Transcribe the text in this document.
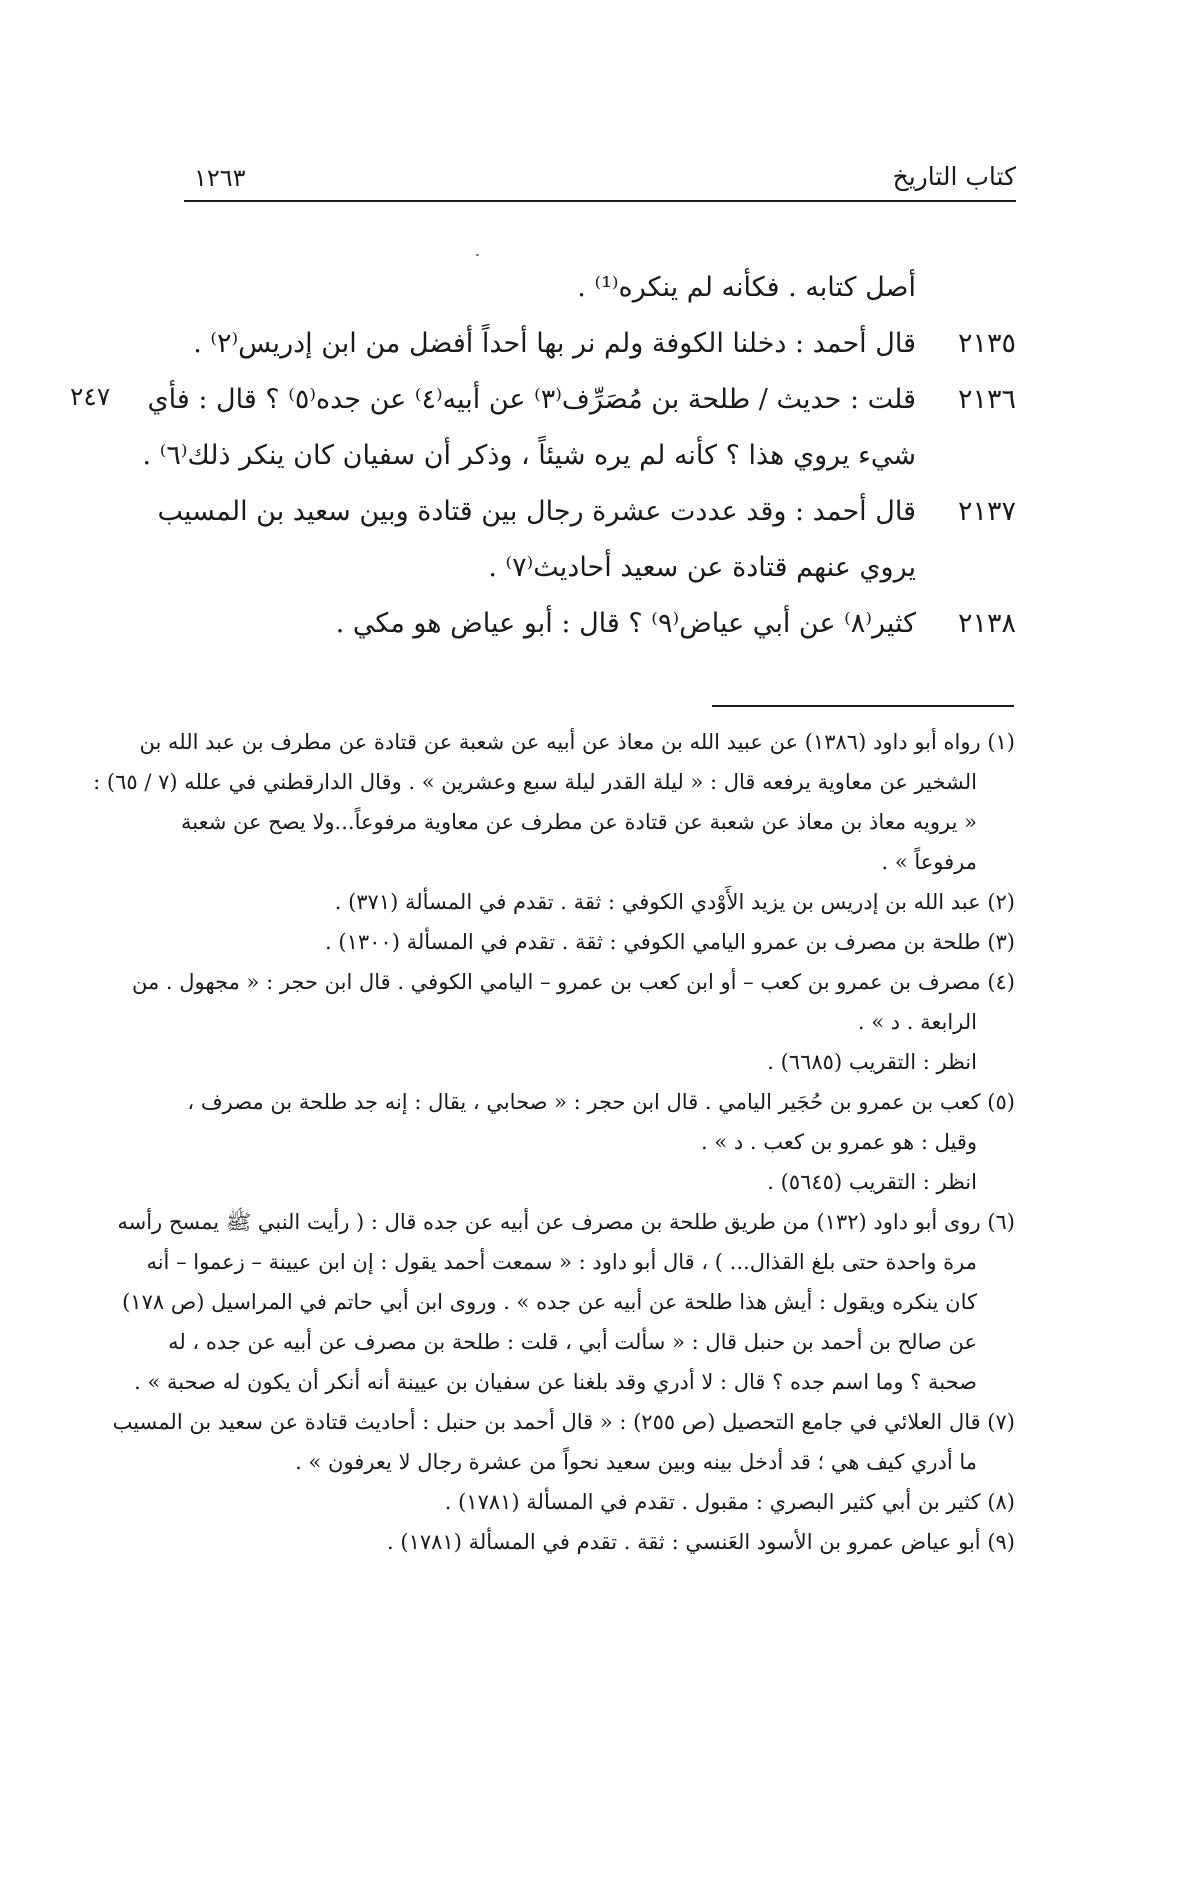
كتاب التاريخ
١٢٦٣
٢٤٧
أصل كتابه . فكأنه لم ينكره⁽¹⁾ .
٢١٣٥
قال أحمد : دخلنا الكوفة ولم نر بها أحداً أفضل من ابن إدريس⁽٢⁾ .
٢١٣٦
قلت : حديث / طلحة بن مُصَرِّف⁽٣⁾ عن أبيه⁽٤⁾ عن جده⁽٥⁾ ؟ قال : فأي
شيء يروي هذا ؟ كأنه لم يره شيئاً ، وذكر أن سفيان كان ينكر ذلك⁽٦⁾ .
٢١٣٧
قال أحمد : وقد عددت عشرة رجال بين قتادة وبين سعيد بن المسيب
يروي عنهم قتادة عن سعيد أحاديث⁽٧⁾ .
٢١٣٨
كثير⁽٨⁾ عن أبي عياض⁽٩⁾ ؟ قال : أبو عياض هو مكي .
(١) رواه أبو داود (١٣٨٦) عن عبيد الله بن معاذ عن أبيه عن شعبة عن قتادة عن مطرف بن عبد الله بن
الشخير عن معاوية يرفعه قال : « ليلة القدر ليلة سبع وعشرين » . وقال الدارقطني في علله (٧ / ٦٥) :
« يرويه معاذ بن معاذ عن شعبة عن قتادة عن مطرف عن معاوية مرفوعاً...ولا يصح عن شعبة
مرفوعاً » .
(٢) عبد الله بن إدريس بن يزيد الأَوْدي الكوفي : ثقة . تقدم في المسألة (٣٧١) .
(٣) طلحة بن مصرف بن عمرو اليامي الكوفي : ثقة . تقدم في المسألة (١٣٠٠) .
(٤) مصرف بن عمرو بن كعب – أو ابن كعب بن عمرو – اليامي الكوفي . قال ابن حجر : « مجهول . من
الرابعة . د » .
انظر : التقريب (٦٦٨٥) .
(٥) كعب بن عمرو بن حُجَير اليامي . قال ابن حجر : « صحابي ، يقال : إنه جد طلحة بن مصرف ،
وقيل : هو عمرو بن كعب . د » .
انظر : التقريب (٥٦٤٥) .
(٦) روى أبو داود (١٣٢) من طريق طلحة بن مصرف عن أبيه عن جده قال : ( رأيت النبي ﷺ يمسح رأسه
مرة واحدة حتى بلغ القذال... ) ، قال أبو داود : « سمعت أحمد يقول : إن ابن عيينة – زعموا – أنه
كان ينكره ويقول : أيش هذا طلحة عن أبيه عن جده » . وروى ابن أبي حاتم في المراسيل (ص ١٧٨)
عن صالح بن أحمد بن حنبل قال : « سألت أبي ، قلت : طلحة بن مصرف عن أبيه عن جده ، له
صحبة ؟ وما اسم جده ؟ قال : لا أدري وقد بلغنا عن سفيان بن عيينة أنه أنكر أن يكون له صحبة » .
(٧) قال العلائي في جامع التحصيل (ص ٢٥٥) : « قال أحمد بن حنبل : أحاديث قتادة عن سعيد بن المسيب
ما أدري كيف هي ؛ قد أدخل بينه وبين سعيد نحواً من عشرة رجال لا يعرفون » .
(٨) كثير بن أبي كثير البصري : مقبول . تقدم في المسألة (١٧٨١) .
(٩) أبو عياض عمرو بن الأسود العَنسي : ثقة . تقدم في المسألة (١٧٨١) .
